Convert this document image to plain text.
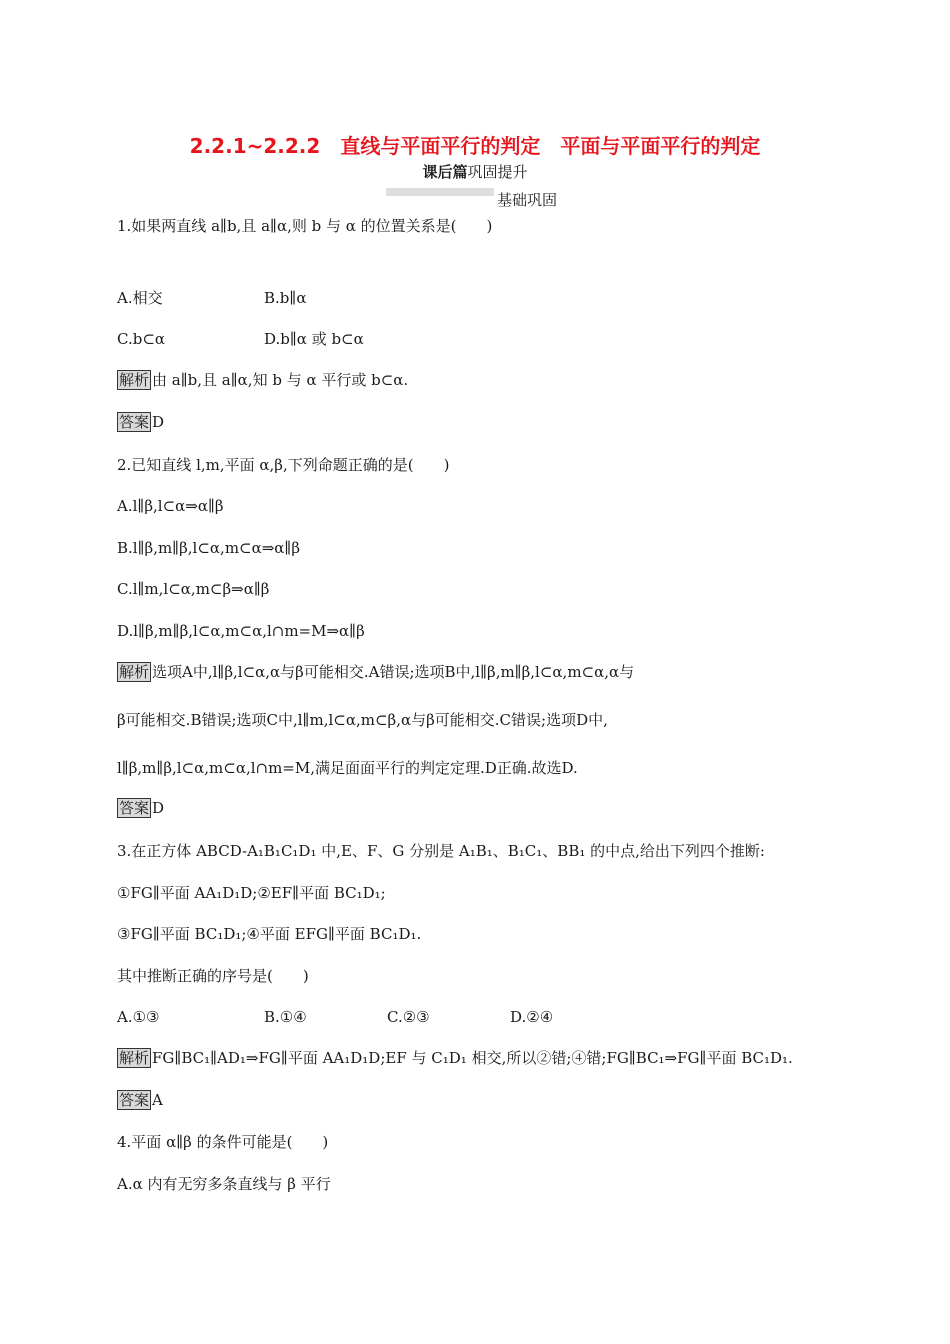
2.2.1~2.2.2　直线与平面平行的判定　平面与平面平行的判定
课后篇巩固提升
基础巩固
1.如果两直线 a∥b,且 a∥α,则 b 与 α 的位置关系是(　　)
A.相交	B.b∥α
C.b⊂α	D.b∥α 或 b⊂α
解析 由 a∥b,且 a∥α,知 b 与 α 平行或 b⊂α.
答案 D
2.已知直线 l,m,平面 α,β,下列命题正确的是(　　)
A.l∥β,l⊂α⇒α∥β
B.l∥β,m∥β,l⊂α,m⊂α⇒α∥β
C.l∥m,l⊂α,m⊂β⇒α∥β
D.l∥β,m∥β,l⊂α,m⊂α,l∩m=M⇒α∥β
解析 选项A中,l∥β,l⊂α,α与β可能相交.A错误;选项B中,l∥β,m∥β,l⊂α,m⊂α,α与
β可能相交.B错误;选项C中,l∥m,l⊂α,m⊂β,α与β可能相交.C错误;选项D中,
l∥β,m∥β,l⊂α,m⊂α,l∩m=M,满足面面平行的判定定理.D正确.故选D.
答案 D
3.在正方体 ABCD-A₁B₁C₁D₁ 中,E、F、G 分别是 A₁B₁、B₁C₁、BB₁ 的中点,给出下列四个推断:
①FG∥平面 AA₁D₁D;②EF∥平面 BC₁D₁;
③FG∥平面 BC₁D₁;④平面 EFG∥平面 BC₁D₁.
其中推断正确的序号是(　　)
A.①③	B.①④	C.②③	D.②④
解析 FG∥BC₁∥AD₁⇒FG∥平面 AA₁D₁D;EF 与 C₁D₁ 相交,所以②错;④错;FG∥BC₁⇒FG∥平面 BC₁D₁.
答案 A
4.平面 α∥β 的条件可能是(　　)
A.α 内有无穷多条直线与 β 平行
